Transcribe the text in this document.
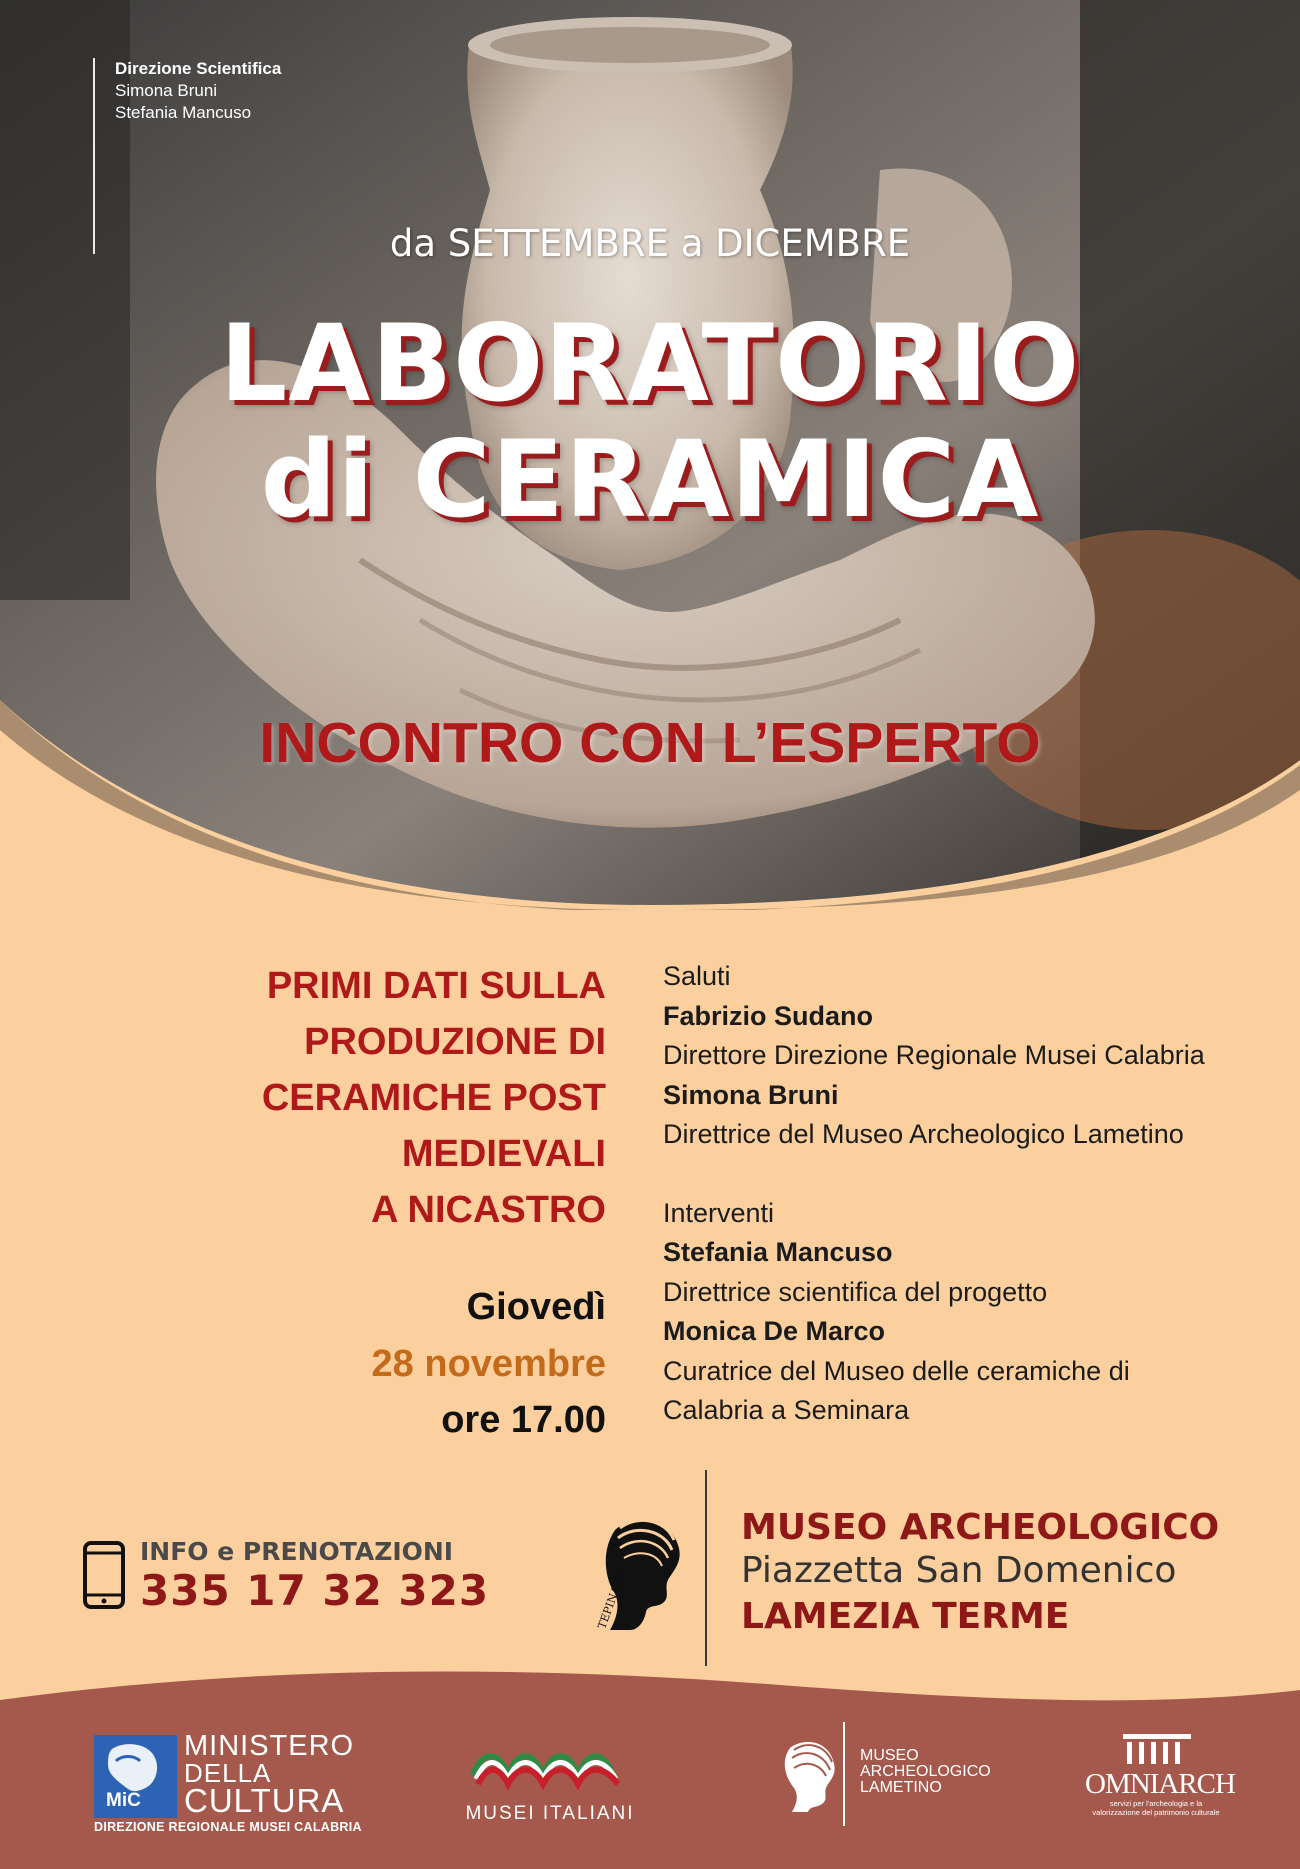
Direzione Scientifica
Simona Bruni
Stefania Mancuso
da SETTEMBRE a DICEMBRE
LABORATORIO
di CERAMICA
INCONTRO CON L’ESPERTO
PRIMI DATI SULLA
PRODUZIONE DI
CERAMICHE POST
MEDIEVALI
A NICASTRO
Giovedì
28 novembre
ore 17.00
Saluti
Fabrizio Sudano
Direttore Direzione Regionale Musei Calabria
Simona Bruni
Direttrice del Museo Archeologico Lametino
Interventi
Stefania Mancuso
Direttrice scientifica del progetto
Monica De Marco
Curatrice del Museo delle ceramiche di
Calabria a Seminara
INFO e PRENOTAZIONI
335 17 32 323	TEPINAION
MUSEO ARCHEOLOGICO
Piazzetta San Domenico
LAMEZIA TERME
MiC
MINISTERO
DELLA
CULTURA
DIREZIONE REGIONALE MUSEI CALABRIA
MUSEI ITALIANI
MUSEO
ARCHEOLOGICO
LAMETINO	OMNIARCH
servizi per l'archeologia e la valorizzazione del patrimonio culturale
